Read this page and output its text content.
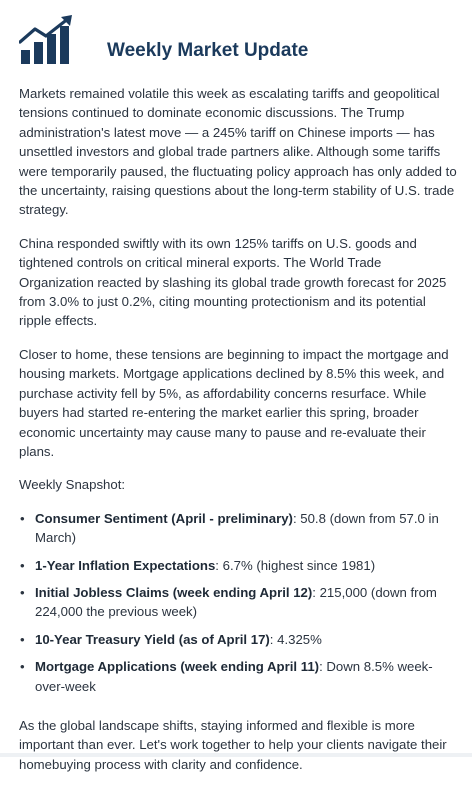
Weekly Market Update

Markets remained volatile this week as escalating tariffs and geopolitical tensions continued to dominate economic discussions. The Trump administration's latest move — a 245% tariff on Chinese imports — has unsettled investors and global trade partners alike. Although some tariffs were temporarily paused, the fluctuating policy approach has only added to the uncertainty, raising questions about the long-term stability of U.S. trade strategy.

China responded swiftly with its own 125% tariffs on U.S. goods and tightened controls on critical mineral exports. The World Trade Organization reacted by slashing its global trade growth forecast for 2025 from 3.0% to just 0.2%, citing mounting protectionism and its potential ripple effects.

Closer to home, these tensions are beginning to impact the mortgage and housing markets. Mortgage applications declined by 8.5% this week, and purchase activity fell by 5%, as affordability concerns resurface. While buyers had started re-entering the market earlier this spring, broader economic uncertainty may cause many to pause and re-evaluate their plans.

Weekly Snapshot:

• Consumer Sentiment (April - preliminary): 50.8 (down from 57.0 in March)
• 1-Year Inflation Expectations: 6.7% (highest since 1981)
• Initial Jobless Claims (week ending April 12): 215,000 (down from 224,000 the previous week)
• 10-Year Treasury Yield (as of April 17): 4.325%
• Mortgage Applications (week ending April 11): Down 8.5% week-over-week

As the global landscape shifts, staying informed and flexible is more important than ever. Let's work together to help your clients navigate their homebuying process with clarity and confidence.
